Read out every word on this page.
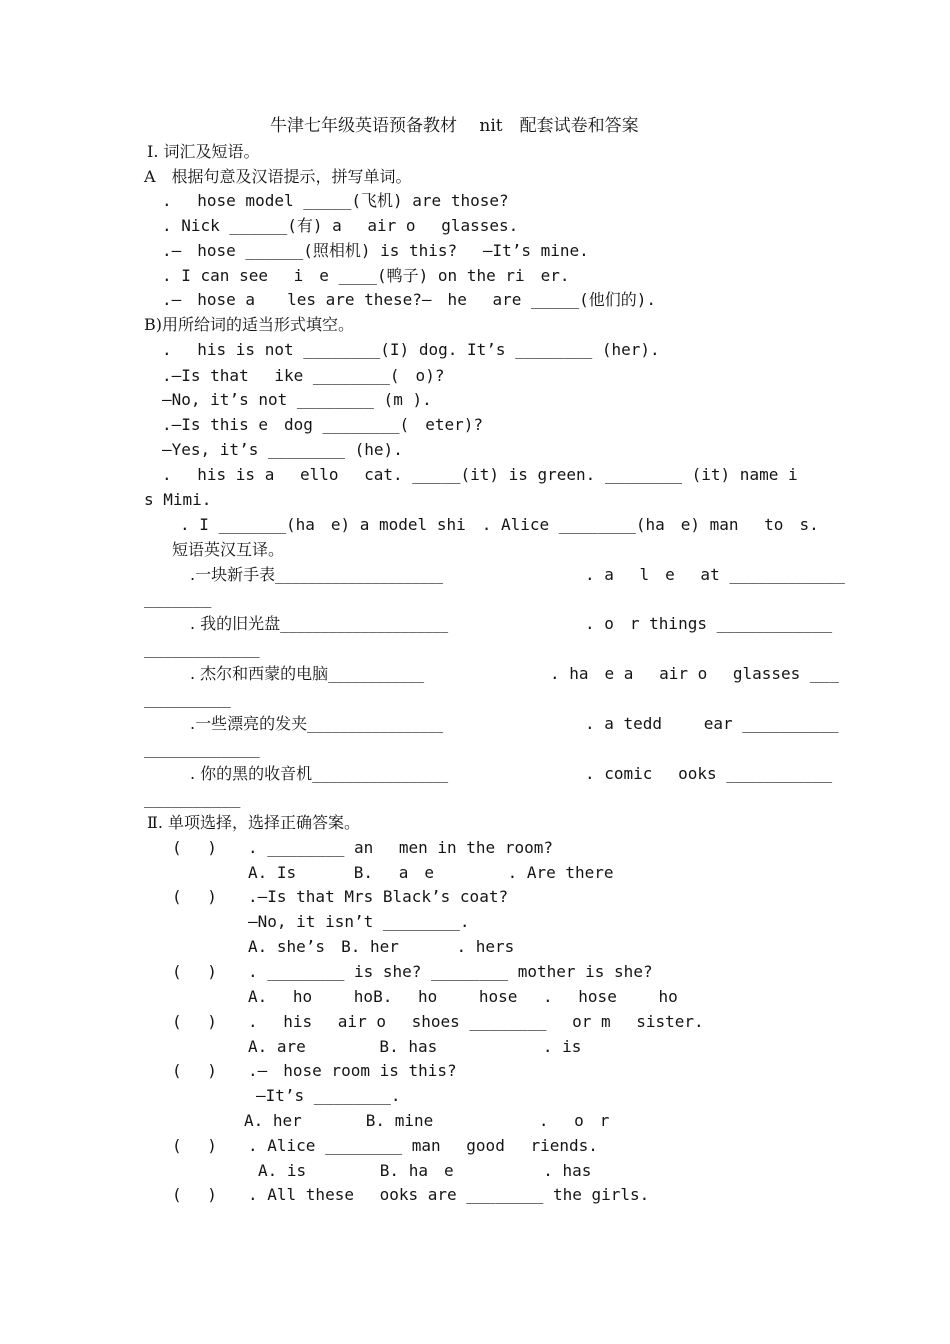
牛津七年级英语预备教材　 nit　配套试卷和答案
Ⅰ. 词汇及短语。
A　根据句意及汉语提示，拼写单词。
.　 hose model _____(飞机) are those?
. Nick ______(有) a　 air o　 glasses.
.—　hose ______(照相机) is this?　 —It’s mine.
. I can see　 i　e ____(鸭子) on the ri　er.
.—　hose a　　les are these?—　he　 are _____(他们的).
B)用所给词的适当形式填空。
.　 his is not ________(I) dog. It’s ________ (her).
.—Is that　 ike ________(　o)?
—No, it’s not ________ (m ).
.—Is this e　dog ________(　eter)?
—Yes, it’s ________ (he).
.　 his is a　 ello　 cat. _____(it) is green. ________ (it) name i
s Mimi.
. I _______(ha　e) a model shi　. Alice ________(ha　e) man　 to　s.
短语英汉互译。
.一块新手表_____________________	. a　 l　e　 at ____________
_______
. 我的旧光盘_____________________	. o　r things ____________
____________
. 杰尔和西蒙的电脑____________	. ha　e a　 air o　 glasses ___
_________
.一些漂亮的发夹_________________	. a tedd　　 ear __________
____________
. 你的黑的收音机_________________	. comic　 ooks ___________
__________
Ⅱ. 单项选择，选择正确答案。
(　 ) . ________ an　 men in the room?
A. Is　　　 B.　 a　e　　　　 . Are there
(　 ) .—Is that Mrs Black’s coat?
—No, it isn’t ________.
A. she’s　B. her　　　 . hers
(　 ) . ________ is she? ________ mother is she?
A.　 ho　　 hoB.　 ho　　 hose　 .　 hose　　 ho
(　 ) .　 his　 air o　 shoes ________　 or m　 sister.
A. are　　　　 B. has　　　　　　 . is
(　 ) .—　hose room is this?
—It’s ________.
A. her　　　　B. mine　　　　　　 .　 o　r
(　 ) . Alice ________ man　 good　 riends.
A. is　　　　 B. ha　e　　　　　 . has
(　 ) . All these　 ooks are ________ the girls.
